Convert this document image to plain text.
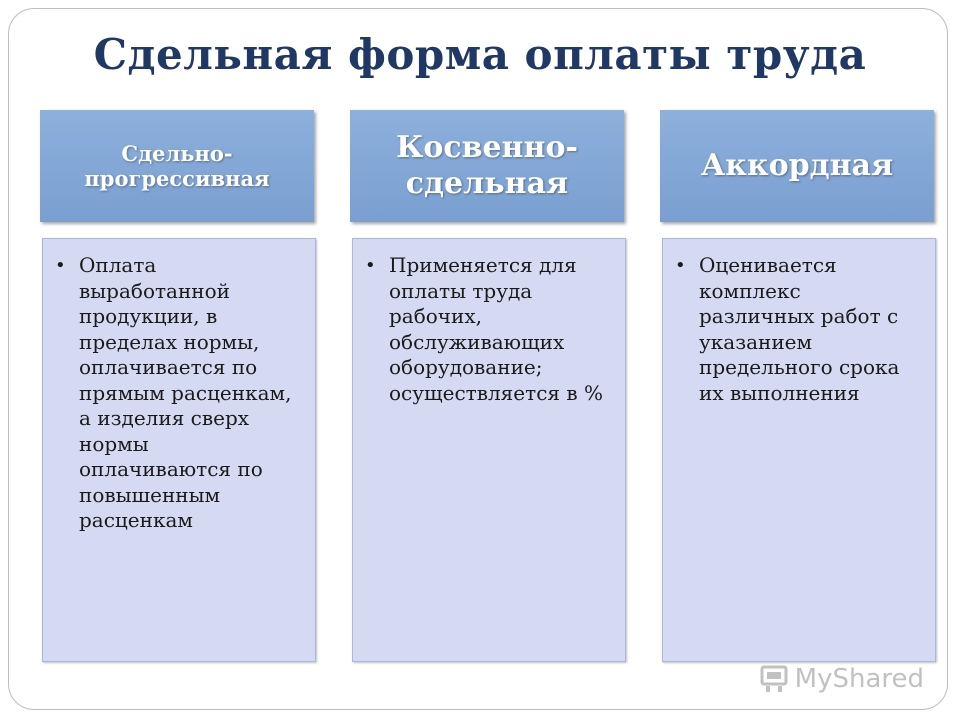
Сдельная форма оплаты труда
Сдельно-
прогрессивная
Косвенно-
сдельная
Аккордная
• Оплата выработанной продукции, в пределах нормы, оплачивается по прямым расценкам, а изделия сверх нормы оплачиваются по повышенным расценкам
• Применяется для оплаты труда рабочих, обслуживающих оборудование; осуществляется в %
• Оценивается комплекс различных работ с указанием предельного срока их выполнения
MyShared
